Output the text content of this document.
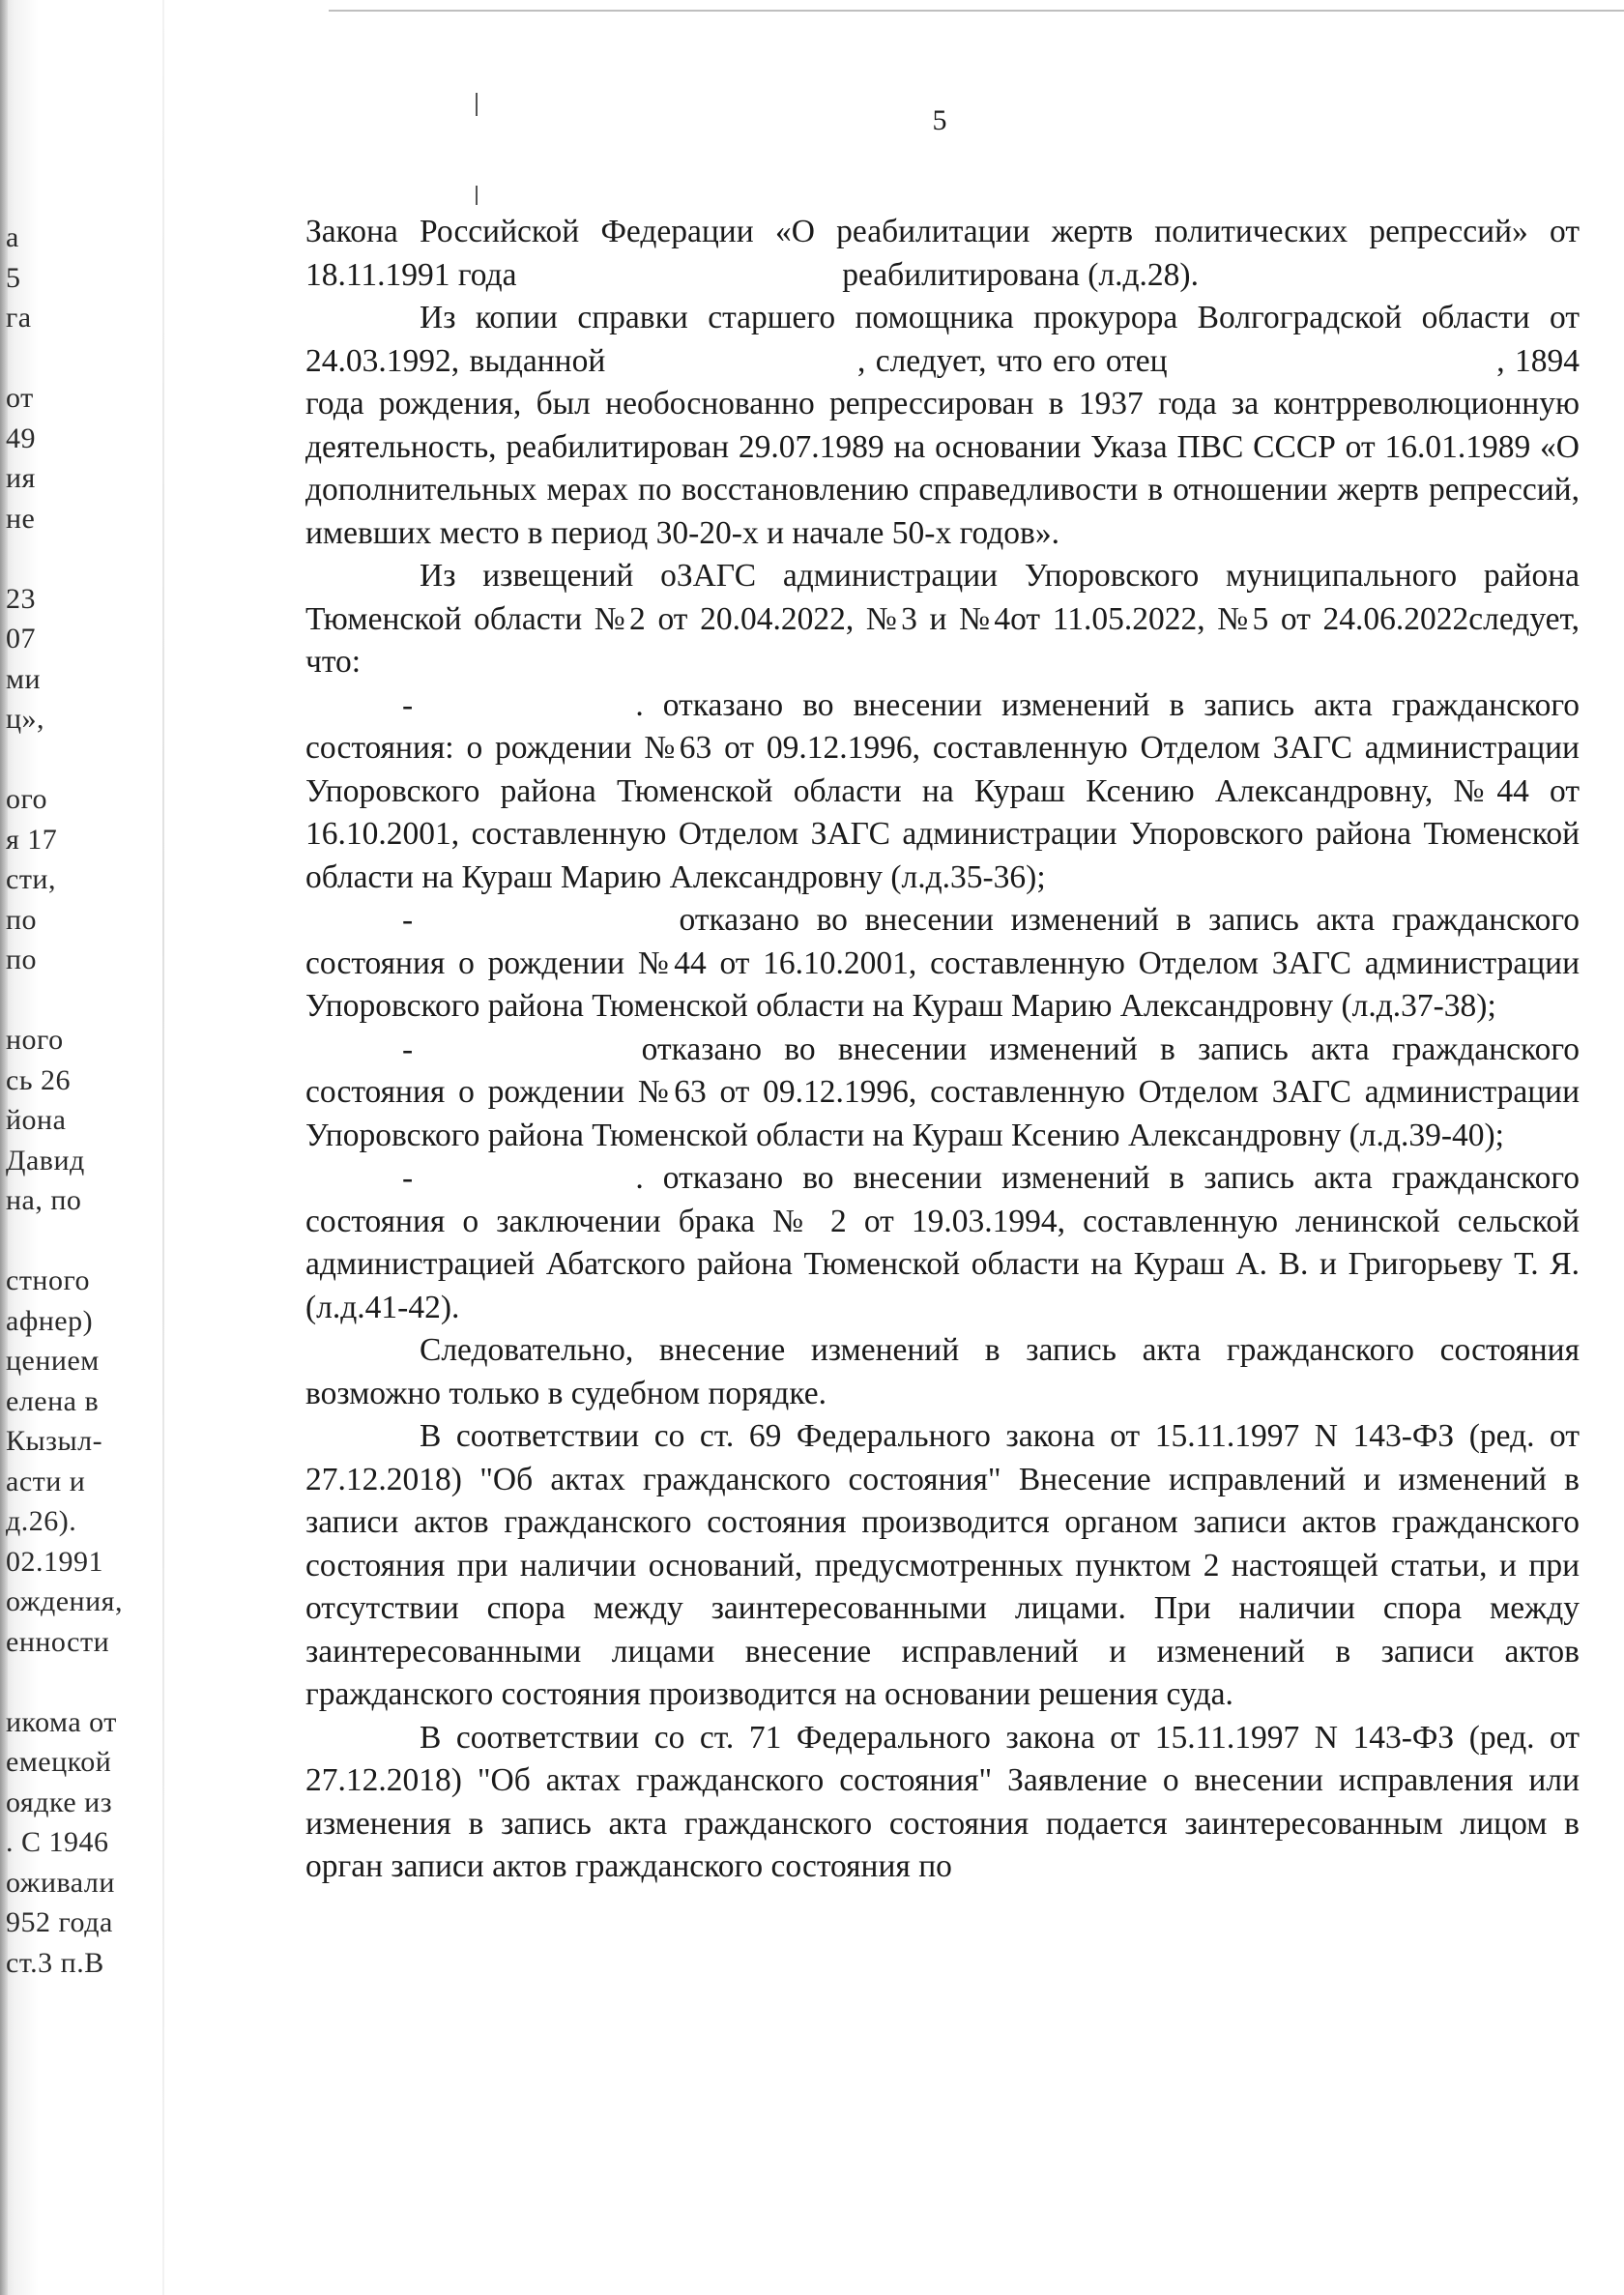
а
5
га
от
49
ия
не
23
07
ми
ц»,
ого
я 17
сти,
по
по
ного
сь 26
йона
Давид
на, по
стного
афнер)
цением
елена в
Кызыл-
асти и
д.26).
02.1991
ождения,
енности
икома от
емецкой
оядке из
. С 1946
оживали
952 года
ст.3 п.В
5

Закона Российской Федерации «О реабилитации жертв политических репрессий» от 18.11.1991 года	реабилитирована (л.д.28).

Из копии справки старшего помощника прокурора Волгоградской области от 24.03.1992, выданной	, следует, что его отец	, 1894 года рождения, был необоснованно репрессирован в 1937 года за контрреволюционную деятельность, реабилитирован 29.07.1989 на основании Указа ПВС СССР от 16.01.1989 «О дополнительных мерах по восстановлению справедливости в отношении жертв репрессий, имевших место в период 30-20-х и начале 50-х годов».

Из извещений оЗАГС администрации Упоровского муниципального района Тюменской области №2 от 20.04.2022, №3 и №4от 11.05.2022, №5 от 24.06.2022следует, что:

-	. отказано во внесении изменений в запись акта гражданского состояния: о рождении №63 от 09.12.1996, составленную Отделом ЗАГС администрации Упоровского района Тюменской области на Кураш Ксению Александровну, №44 от 16.10.2001, составленную Отделом ЗАГС администрации Упоровского района Тюменской области на Кураш Марию Александровну (л.д.35-36);

-	отказано во внесении изменений в запись акта гражданского состояния о рождении №44 от 16.10.2001, составленную Отделом ЗАГС администрации Упоровского района Тюменской области на Кураш Марию Александровну (л.д.37-38);

-	отказано во внесении изменений в запись акта гражданского состояния о рождении №63 от 09.12.1996, составленную Отделом ЗАГС администрации Упоровского района Тюменской области на Кураш Ксению Александровну (л.д.39-40);

-	. отказано во внесении изменений в запись акта гражданского состояния о заключении брака № 2 от 19.03.1994, составленную ленинской сельской администрацией Абатского района Тюменской области на Кураш А. В. и Григорьеву Т. Я. (л.д.41-42).

Следовательно, внесение изменений в запись акта гражданского состояния возможно только в судебном порядке.

В соответствии со ст. 69 Федерального закона от 15.11.1997 N 143-ФЗ (ред. от 27.12.2018) "Об актах гражданского состояния" Внесение исправлений и изменений в записи актов гражданского состояния производится органом записи актов гражданского состояния при наличии оснований, предусмотренных пунктом 2 настоящей статьи, и при отсутствии спора между заинтересованными лицами. При наличии спора между заинтересованными лицами внесение исправлений и изменений в записи актов гражданского состояния производится на основании решения суда.

В соответствии со ст. 71 Федерального закона от 15.11.1997 N 143-ФЗ (ред. от 27.12.2018) "Об актах гражданского состояния" Заявление о внесении исправления или изменения в запись акта гражданского состояния подается заинтересованным лицом в орган записи актов гражданского состояния по
